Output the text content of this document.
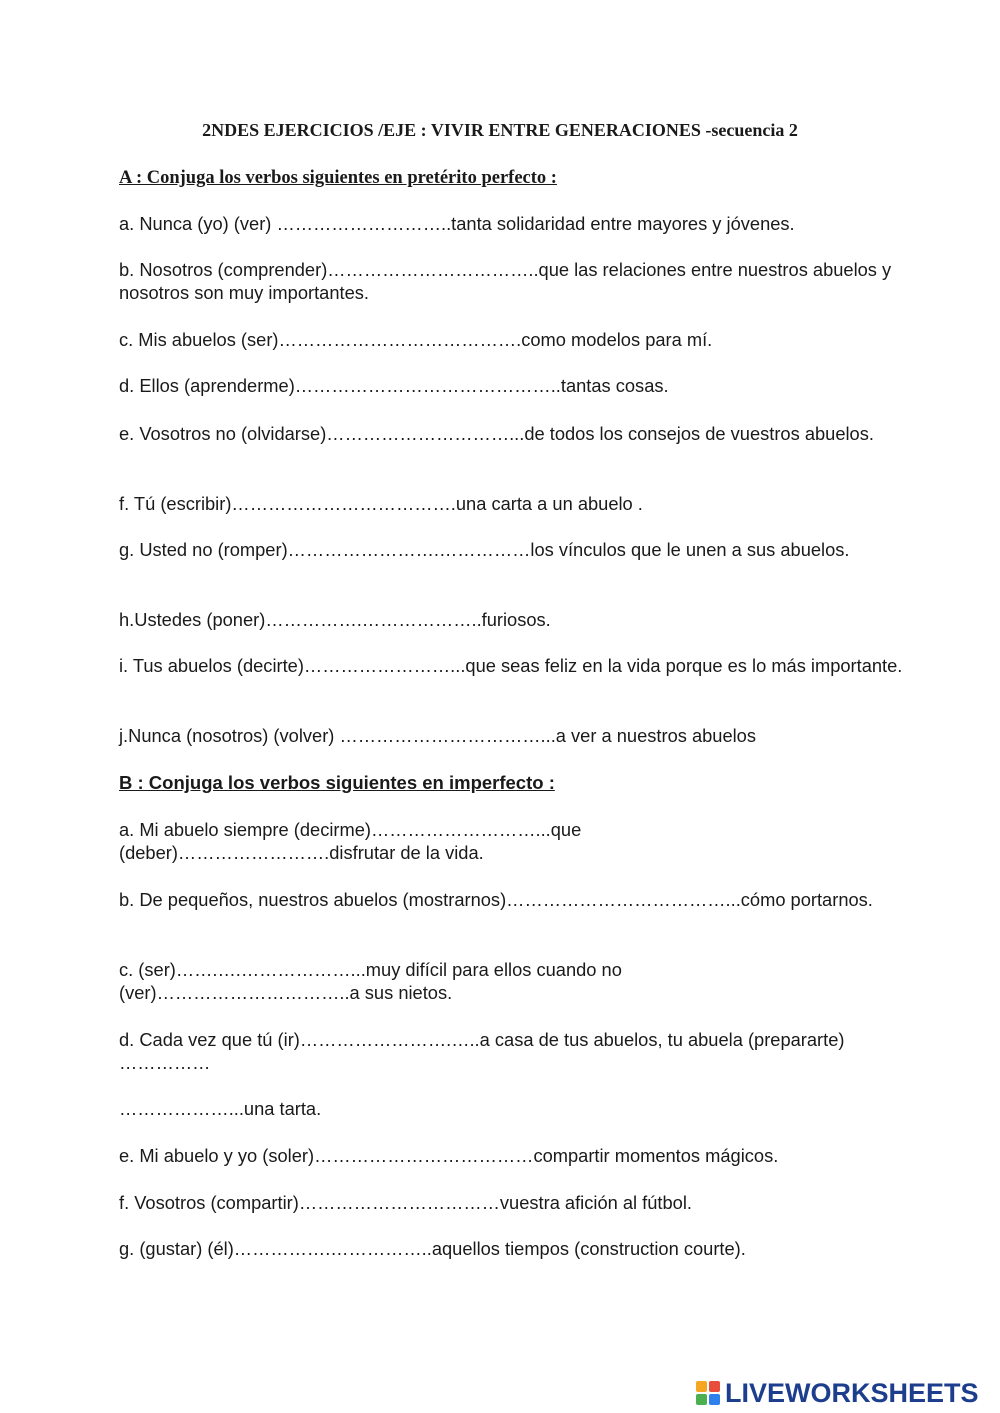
2NDES EJERCICIOS /EJE : VIVIR ENTRE GENERACIONES -secuencia 2
A : Conjuga los verbos siguientes en pretérito perfecto :

a. Nunca (yo) (ver) ………………………..tanta solidaridad entre mayores y jóvenes.

b. Nosotros (comprender)……………………………..que las relaciones entre nuestros abuelos y nosotros son muy importantes.

c. Mis abuelos (ser)………………………………….como modelos para mí.

d. Ellos (aprenderme)……………………………………..tantas cosas.

e. Vosotros no (olvidarse)…………………………...de todos los consejos de vuestros abuelos.

f. Tú (escribir)……………………………….una carta a un abuelo .

g. Usted no (romper)…………………….……………los vínculos que le unen a sus abuelos.

h.Ustedes (poner)…………….………………..furiosos.

i. Tus abuelos (decirte)……………………...que seas feliz en la vida porque es lo más importante.

j.Nunca (nosotros) (volver) ……………………………...a ver a nuestros abuelos

B : Conjuga los verbos siguientes en imperfecto :

a. Mi abuelo siempre (decirme)………………………...que
(deber)…………………….disfrutar de la vida.

b. De pequeños, nuestros abuelos (mostrarnos)………………………………...cómo portarnos.

c. (ser)…….….………………...muy difícil para ellos cuando no
(ver)…………………………..a sus nietos.

d. Cada vez que tú (ir)…………………….…..a casa de tus abuelos, tu abuela (prepararte) ……………

………………...una tarta.

e. Mi abuelo y yo (soler)………………………………compartir momentos mágicos.

f. Vosotros (compartir)……………………………vuestra afición al fútbol.

g. (gustar) (él)…………….……………..aquellos tiempos (construction courte).

LIVEWORKSHEETS
